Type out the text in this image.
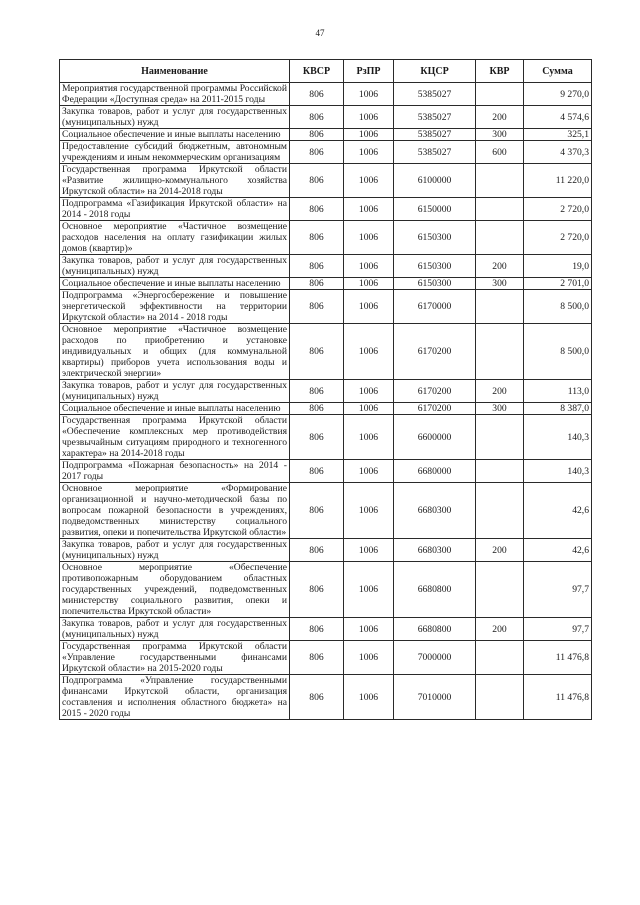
47
Наименование	КВСР	РзПР	КЦСР	КВР	Сумма
Мероприятия государственной программы Российской Федерации «Доступная среда» на 2011-2015 годы	806	1006	5385027		9 270,0
Закупка товаров, работ и услуг для государственных (муниципальных) нужд	806	1006	5385027	200	4 574,6
Социальное обеспечение и иные выплаты населению	806	1006	5385027	300	325,1
Предоставление субсидий бюджетным, автономным учреждениям и иным некоммерческим организациям	806	1006	5385027	600	4 370,3
Государственная программа Иркутской области «Развитие жилищно-коммунального хозяйства Иркутской области» на 2014-2018 годы	806	1006	6100000		11 220,0
Подпрограмма «Газификация Иркутской области» на 2014 - 2018 годы	806	1006	6150000		2 720,0
Основное мероприятие «Частичное возмещение расходов населения на оплату газификации жилых домов (квартир)»	806	1006	6150300		2 720,0
Закупка товаров, работ и услуг для государственных (муниципальных) нужд	806	1006	6150300	200	19,0
Социальное обеспечение и иные выплаты населению	806	1006	6150300	300	2 701,0
Подпрограмма «Энергосбережение и повышение энергетической эффективности на территории Иркутской области» на 2014 - 2018 годы	806	1006	6170000		8 500,0
Основное мероприятие «Частичное возмещение расходов по приобретению и установке индивидуальных и общих (для коммунальной квартиры) приборов учета использования воды и электрической энергии»	806	1006	6170200		8 500,0
Закупка товаров, работ и услуг для государственных (муниципальных) нужд	806	1006	6170200	200	113,0
Социальное обеспечение и иные выплаты населению	806	1006	6170200	300	8 387,0
Государственная программа Иркутской области «Обеспечение комплексных мер противодействия чрезвычайным ситуациям природного и техногенного характера» на 2014-2018 годы	806	1006	6600000		140,3
Подпрограмма «Пожарная безопасность» на 2014 - 2017 годы	806	1006	6680000		140,3
Основное мероприятие «Формирование организационной и научно-методической базы по вопросам пожарной безопасности в учреждениях, подведомственных министерству социального развития, опеки и попечительства Иркутской области»	806	1006	6680300		42,6
Закупка товаров, работ и услуг для государственных (муниципальных) нужд	806	1006	6680300	200	42,6
Основное мероприятие «Обеспечение противопожарным оборудованием областных государственных учреждений, подведомственных министерству социального развития, опеки и попечительства Иркутской области»	806	1006	6680800		97,7
Закупка товаров, работ и услуг для государственных (муниципальных) нужд	806	1006	6680800	200	97,7
Государственная программа Иркутской области «Управление государственными финансами Иркутской области» на 2015-2020 годы	806	1006	7000000		11 476,8
Подпрограмма «Управление государственными финансами Иркутской области, организация составления и исполнения областного бюджета» на 2015 - 2020 годы	806	1006	7010000		11 476,8
